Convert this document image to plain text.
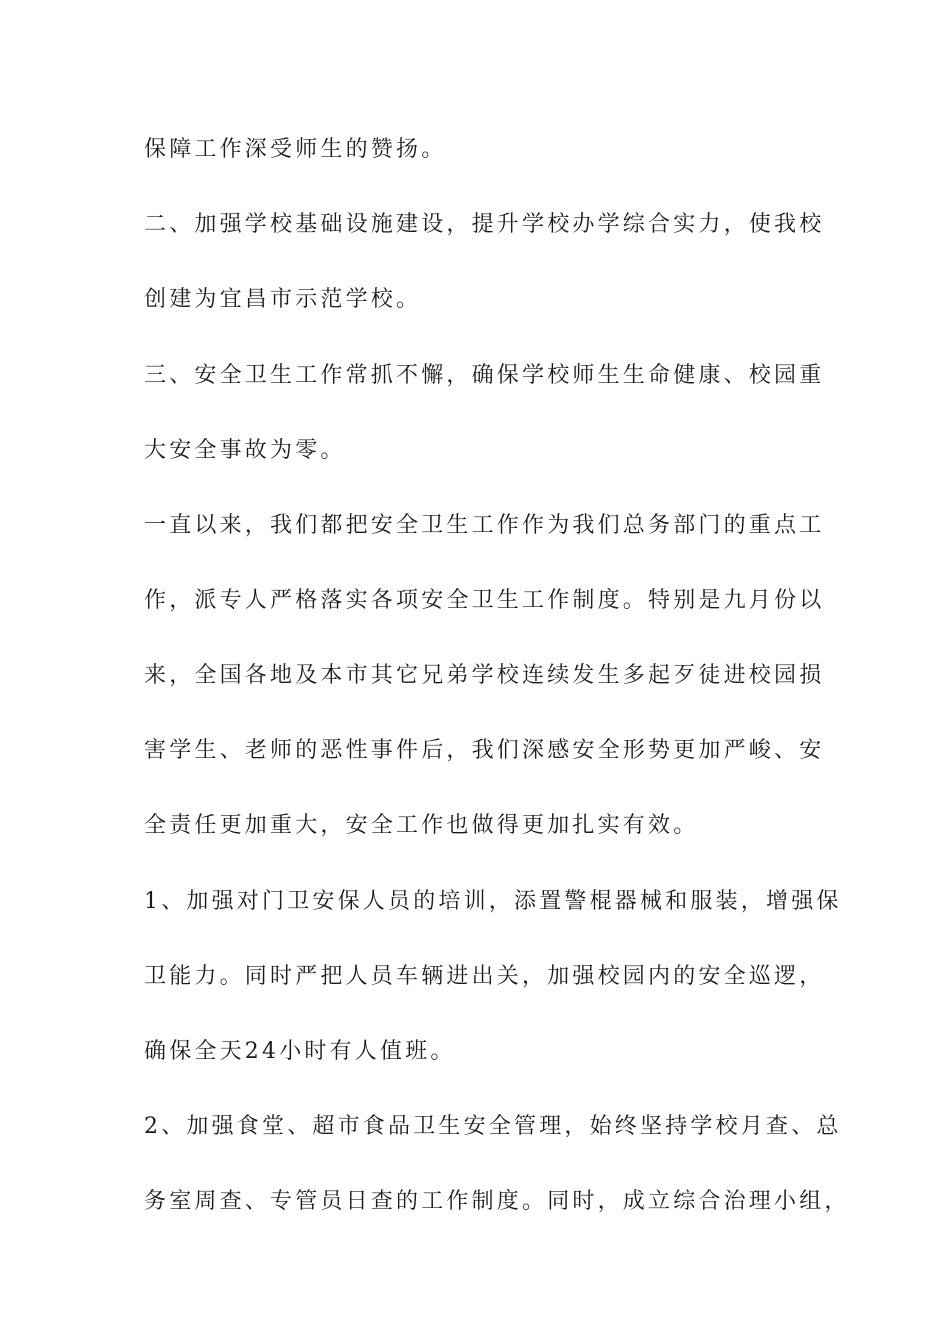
保障工作深受师生的赞扬。
二、加强学校基础设施建设，提升学校办学综合实力，使我校
创建为宜昌市示范学校。
三、安全卫生工作常抓不懈，确保学校师生生命健康、校园重
大安全事故为零。
一直以来，我们都把安全卫生工作作为我们总务部门的重点工
作，派专人严格落实各项安全卫生工作制度。特别是九月份以
来，全国各地及本市其它兄弟学校连续发生多起歹徒进校园损
害学生、老师的恶性事件后，我们深感安全形势更加严峻、安
全责任更加重大，安全工作也做得更加扎实有效。
1、加强对门卫安保人员的培训，添置警棍器械和服装，增强保
卫能力。同时严把人员车辆进出关，加强校园内的安全巡逻，
确保全天24小时有人值班。
2、加强食堂、超市食品卫生安全管理，始终坚持学校月查、总
务室周查、专管员日查的工作制度。同时，成立综合治理小组，
